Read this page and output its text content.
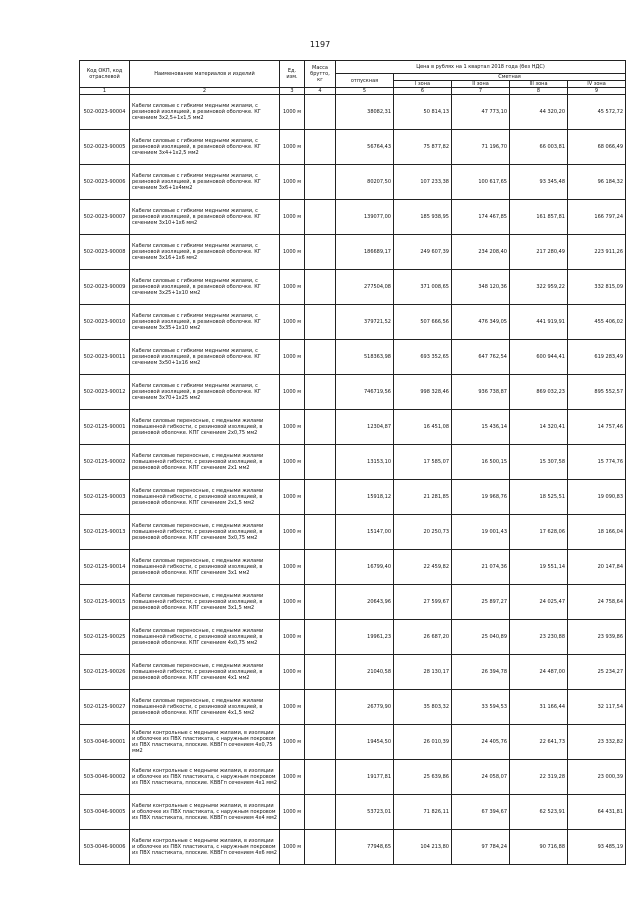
1197
Код ОКП, код отраслевой	Наименование материалов и изделий	Ед. изм.	Масса брутто, кг	Цена в рублях на 1 квартал 2018 года (без НДС)				
				отпускная	Сметная			
					I зона	II зона	III зона	IV зона
1	2	3	4	5	6	7	8	9
502-0023-90004	Кабели силовые с гибкими медными жилами, с резиновой изоляцией, в резиновой оболочке. КГ сечением 3х2,5+1х1,5 мм2	1000 м		38082,31	50 814,13	47 773,10	44 320,20	45 572,72
502-0023-90005	Кабели силовые с гибкими медными жилами, с резиновой изоляцией, в резиновой оболочке. КГ сечением 3х4+1х2,5 мм2	1000 м		56764,43	75 877,82	71 196,70	66 003,81	68 066,49
502-0023-90006	Кабели силовые с гибкими медными жилами, с резиновой изоляцией, в резиновой оболочке. КГ сечением 3х6+1х4мм2	1000 м		80207,50	107 233,38	100 617,65	93 345,48	96 184,32
502-0023-90007	Кабели силовые с гибкими медными жилами, с резиновой изоляцией, в резиновой оболочке. КГ сечением 3х10+1х6 мм2	1000 м		139077,00	185 938,95	174 467,85	161 857,81	166 797,24
502-0023-90008	Кабели силовые с гибкими медными жилами, с резиновой изоляцией, в резиновой оболочке. КГ сечением 3х16+1х6 мм2	1000 м		186689,17	249 607,39	234 208,40	217 280,49	223 911,26
502-0023-90009	Кабели силовые с гибкими медными жилами, с резиновой изоляцией, в резиновой оболочке. КГ сечением 3х25+1х10 мм2	1000 м		277504,08	371 008,65	348 120,36	322 959,22	332 815,09
502-0023-90010	Кабели силовые с гибкими медными жилами, с резиновой изоляцией, в резиновой оболочке. КГ сечением 3х35+1х10 мм2	1000 м		379721,52	507 666,56	476 349,05	441 919,91	455 406,02
502-0023-90011	Кабели силовые с гибкими медными жилами, с резиновой изоляцией, в резиновой оболочке. КГ сечением 3х50+1х16 мм2	1000 м		518363,98	693 352,65	647 762,54	600 944,41	619 283,49
502-0023-90012	Кабели силовые с гибкими медными жилами, с резиновой изоляцией, в резиновой оболочке. КГ сечением 3х70+1х25 мм2	1000 м		746719,56	998 328,46	936 738,87	869 032,23	895 552,57
502-0125-90001	Кабели силовые переносные, с медными жилами повышенной гибкости, с резиновой изоляцией, в резиновой оболочке. КПГ сечением 2х0,75 мм2	1000 м		12304,87	16 451,08	15 436,14	14 320,41	14 757,46
502-0125-90002	Кабели силовые переносные, с медными жилами повышенной гибкости, с резиновой изоляцией, в резиновой оболочке. КПГ сечением 2х1 мм2	1000 м		13153,10	17 585,07	16 500,15	15 307,58	15 774,76
502-0125-90003	Кабели силовые переносные, с медными жилами повышенной гибкости, с резиновой изоляцией, в резиновой оболочке. КПГ сечением 2х1,5 мм2	1000 м		15918,12	21 281,85	19 968,76	18 525,51	19 090,83
502-0125-90013	Кабели силовые переносные, с медными жилами повышенной гибкости, с резиновой изоляцией, в резиновой оболочке. КПГ сечением 3х0,75 мм2	1000 м		15147,00	20 250,73	19 001,43	17 628,06	18 166,04
502-0125-90014	Кабели силовые переносные, с медными жилами повышенной гибкости, с резиновой изоляцией, в резиновой оболочке. КПГ сечением 3х1 мм2	1000 м		16799,40	22 459,82	21 074,36	19 551,14	20 147,84
502-0125-90015	Кабели силовые переносные, с медными жилами повышенной гибкости, с резиновой изоляцией, в резиновой оболочке. КПГ сечением 3х1,5 мм2	1000 м		20643,96	27 599,67	25 897,27	24 025,47	24 758,64
502-0125-90025	Кабели силовые переносные, с медными жилами повышенной гибкости, с резиновой изоляцией, в резиновой оболочке. КПГ сечением 4х0,75 мм2	1000 м		19961,23	26 687,20	25 040,89	23 230,88	23 939,86
502-0125-90026	Кабели силовые переносные, с медными жилами повышенной гибкости, с резиновой изоляцией, в резиновой оболочке. КПГ сечением 4х1 мм2	1000 м		21040,58	28 130,17	26 394,78	24 487,00	25 234,27
502-0125-90027	Кабели силовые переносные, с медными жилами повышенной гибкости, с резиновой изоляцией, в резиновой оболочке. КПГ сечением 4х1,5 мм2	1000 м		26779,90	35 803,32	33 594,53	31 166,44	32 117,54
503-0046-90001	Кабели контрольные с медными жилами, в изоляции и оболочке из ПВХ пластиката, с наружным покровом из ПВХ пластиката, плоские. КВВГп сечением 4х0,75 мм2	1000 м		19454,50	26 010,39	24 405,76	22 641,73	23 332,82
503-0046-90002	Кабели контрольные с медными жилами, в изоляции и оболочке из ПВХ пластиката, с наружным покровом из ПВХ пластиката, плоские. КВВГп сечением 4х1 мм2	1000 м		19177,81	25 639,86	24 058,07	22 319,28	23 000,39
503-0046-90005	Кабели контрольные с медными жилами, в изоляции и оболочке из ПВХ пластиката, с наружным покровом из ПВХ пластиката, плоские. КВВГп сечением 4х4 мм2	1000 м		53723,01	71 826,11	67 394,67	62 523,91	64 431,81
503-0046-90006	Кабели контрольные с медными жилами, в изоляции и оболочке из ПВХ пластиката, с наружным покровом из ПВХ пластиката, плоские. КВВГп сечением 4х6 мм2	1000 м		77948,65	104 213,80	97 784,24	90 716,88	93 485,19
